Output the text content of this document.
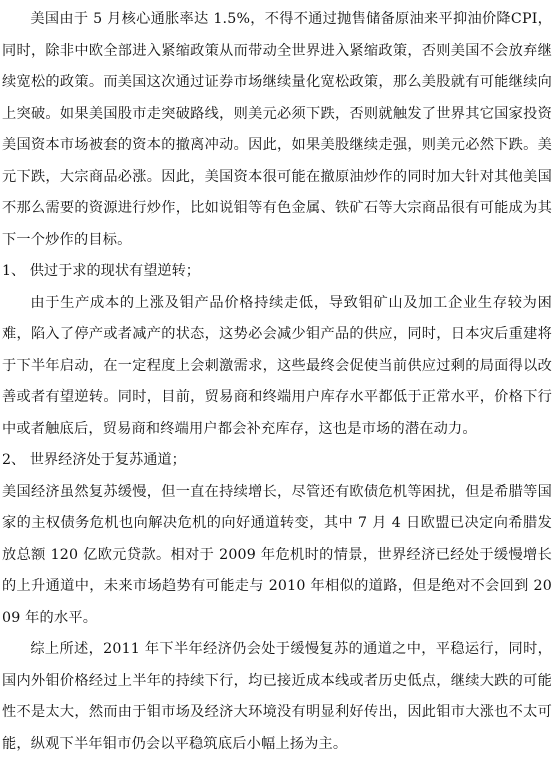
美国由于 5 月核心通胀率达 1.5%，不得不通过抛售储备原油来平抑油价降CPI，同时，除非中欧全部进入紧缩政策从而带动全世界进入紧缩政策，否则美国不会放弃继续宽松的政策。而美国这次通过证券市场继续量化宽松政策，那么美股就有可能继续向上突破。如果美国股市走突破路线，则美元必须下跌，否则就触发了世界其它国家投资美国资本市场被套的资本的撤离冲动。因此，如果美股继续走强，则美元必然下跌。美元下跌，大宗商品必涨。因此，美国资本很可能在撤原油炒作的同时加大针对其他美国不那么需要的资源进行炒作，比如说钼等有色金属、铁矿石等大宗商品很有可能成为其下一个炒作的目标。

1、 供过于求的现状有望逆转；

由于生产成本的上涨及钼产品价格持续走低，导致钼矿山及加工企业生存较为困难，陷入了停产或者减产的状态，这势必会减少钼产品的供应，同时，日本灾后重建将于下半年启动，在一定程度上会刺激需求，这些最终会促使当前供应过剩的局面得以改善或者有望逆转。同时，目前，贸易商和终端用户库存水平都低于正常水平，价格下行中或者触底后，贸易商和终端用户都会补充库存，这也是市场的潜在动力。

2、 世界经济处于复苏通道；

美国经济虽然复苏缓慢，但一直在持续增长，尽管还有欧债危机等困扰，但是希腊等国家的主权债务危机也向解决危机的向好通道转变，其中 7 月 4 日欧盟已决定向希腊发放总额 120 亿欧元贷款。相对于 2009 年危机时的情景，世界经济已经处于缓慢增长的上升通道中，未来市场趋势有可能走与 2010 年相似的道路，但是绝对不会回到 2009 年的水平。

综上所述，2011 年下半年经济仍会处于缓慢复苏的通道之中，平稳运行，同时，国内外钼价格经过上半年的持续下行，均已接近成本线或者历史低点，继续大跌的可能性不是太大，然而由于钼市场及经济大环境没有明显利好传出，因此钼市大涨也不太可能，纵观下半年钼市仍会以平稳筑底后小幅上扬为主。
